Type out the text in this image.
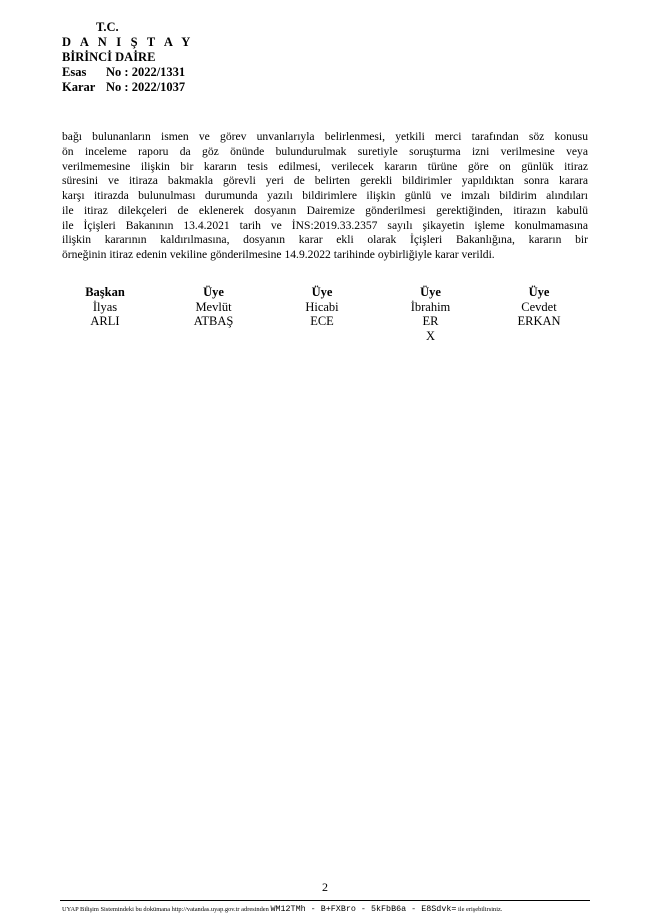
T.C.
D A N I Ş T A Y
BİRİNCİ DAİRE
Esas	No : 2022/1331
Karar No : 2022/1037

bağı bulunanların ismen ve görev unvanlarıyla belirlenmesi, yetkili merci tarafından söz konusu

ön inceleme raporu da göz önünde bulundurulmak suretiyle soruşturma izni verilmesine veya

verilmemesine ilişkin bir kararın tesis edilmesi, verilecek kararın türüne göre on günlük itiraz

süresini ve itiraza bakmakla görevli yeri de belirten gerekli bildirimler yapıldıktan sonra karara

karşı itirazda bulunulması durumunda yazılı bildirimlere ilişkin günlü ve imzalı bildirim alındıları

ile itiraz dilekçeleri de eklenerek dosyanın Dairemize gönderilmesi gerektiğinden, itirazın kabulü

ile İçişleri Bakanının 13.4.2021 tarih ve İNS:2019.33.2357 sayılı şikayetin işleme konulmamasına

ilişkin kararının kaldırılmasına, dosyanın karar ekli olarak İçişleri Bakanlığına, kararın bir

örneğinin itiraz edenin vekiline gönderilmesine 14.9.2022 tarihinde oybirliğiyle karar verildi.

Başkan
İlyas
ARLI
Üye
Mevlüt
ATBAŞ
Üye
Hicabi
ECE
Üye
İbrahim
ER
X
Üye
Cevdet
ERKAN
2
UYAP Bilişim Sistemindeki bu dokümana http://vatandas.uyap.gov.tr adresinden WM12TMh - B+FXBro - 5kFbB6a - E8Sdvk= ile erişebilirsiniz.
